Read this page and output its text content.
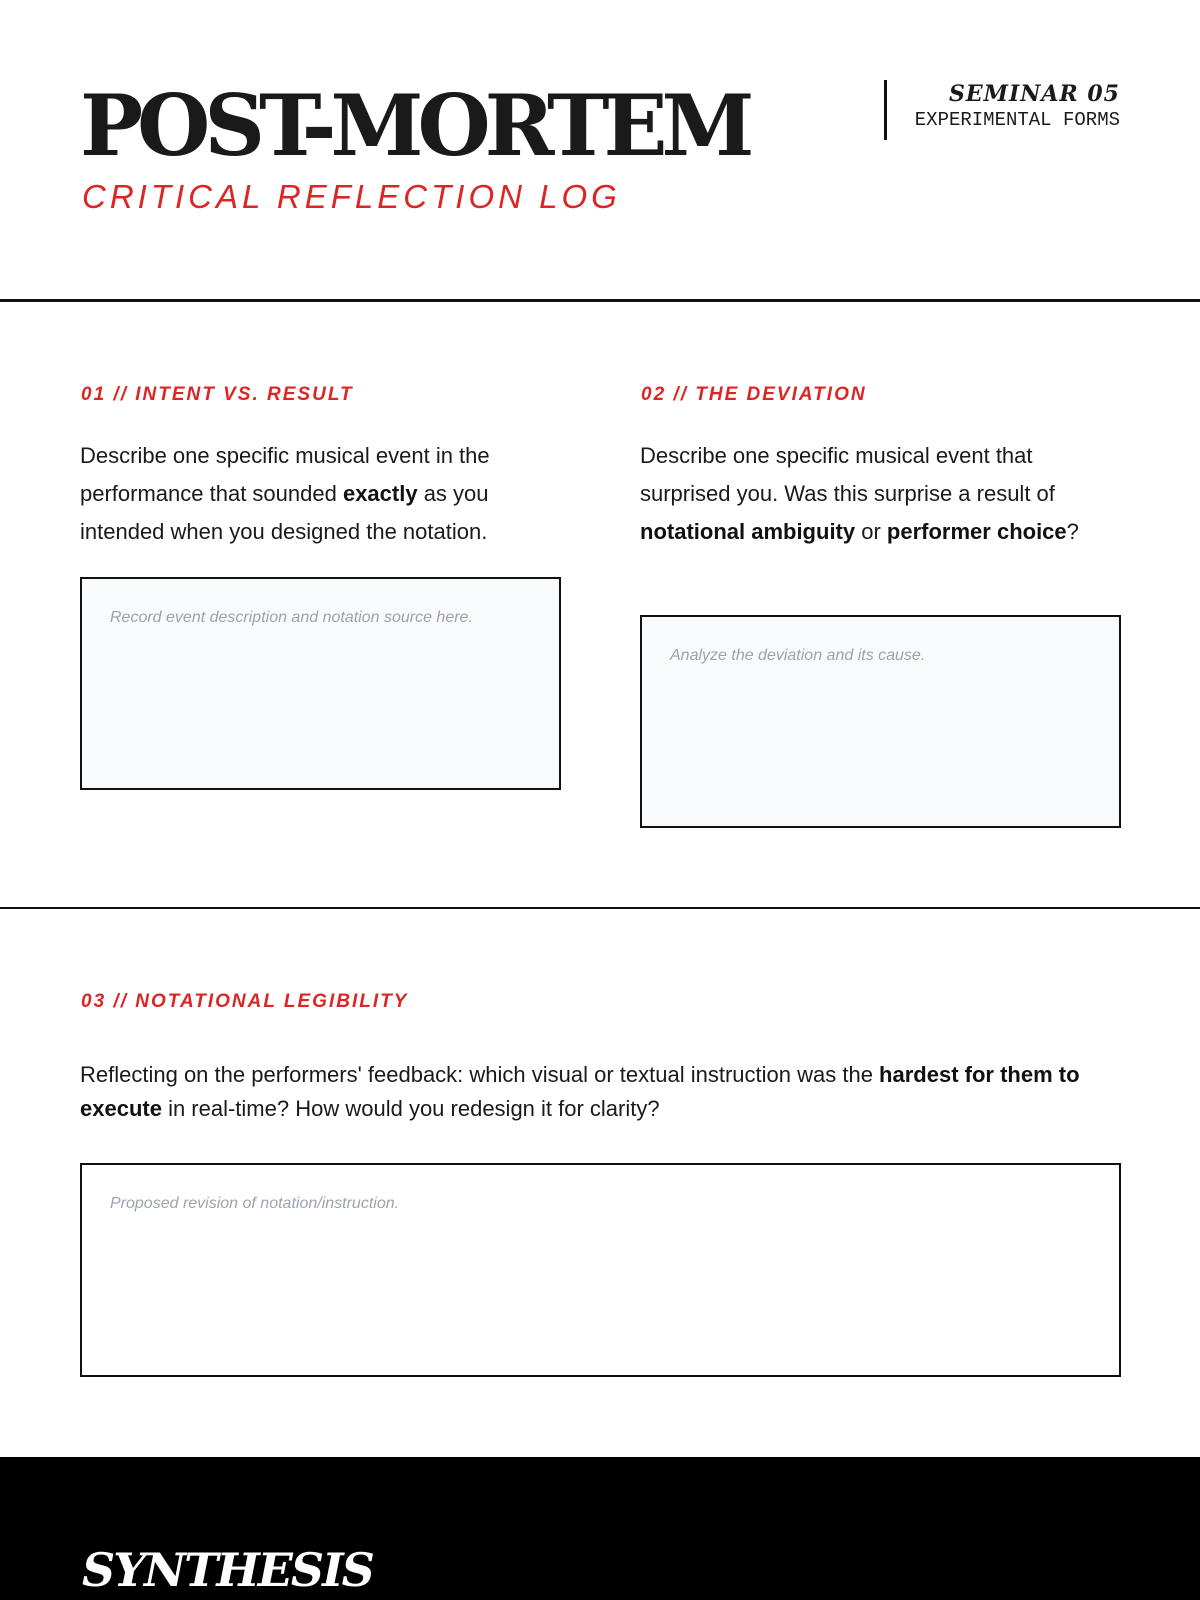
POST-MORTEM
CRITICAL REFLECTION LOG
SEMINAR 05
EXPERIMENTAL FORMS
01 // INTENT VS. RESULT

Describe one specific musical event in the performance that sounded exactly as you intended when you designed the notation.

Record event description and notation source here.
02 // THE DEVIATION

Describe one specific musical event that surprised you. Was this surprise a result of notational ambiguity or performer choice?

Analyze the deviation and its cause.
03 // NOTATIONAL LEGIBILITY

Reflecting on the performers' feedback: which visual or textual instruction was the hardest for them to execute in real-time? How would you redesign it for clarity?

Proposed revision of notation/instruction.
SYNTHESIS
